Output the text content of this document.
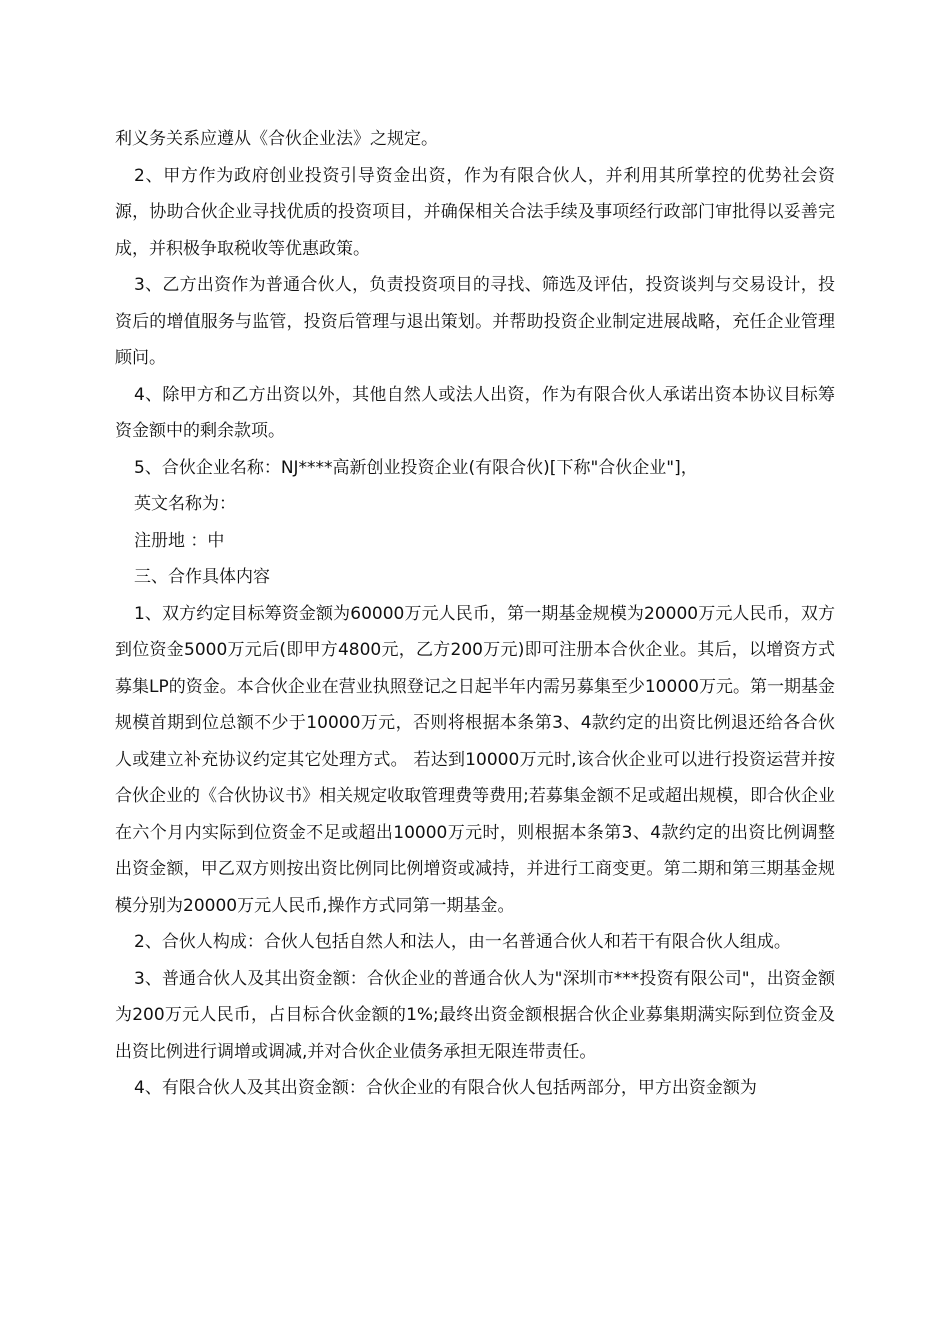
利义务关系应遵从《合伙企业法》之规定。

2、甲方作为政府创业投资引导资金出资，作为有限合伙人，并利用其所掌控的优势社会资源，协助合伙企业寻找优质的投资项目，并确保相关合法手续及事项经行政部门审批得以妥善完成，并积极争取税收等优惠政策。

3、乙方出资作为普通合伙人，负责投资项目的寻找、筛选及评估，投资谈判与交易设计，投资后的增值服务与监管，投资后管理与退出策划。并帮助投资企业制定进展战略，充任企业管理顾问。

4、除甲方和乙方出资以外，其他自然人或法人出资，作为有限合伙人承诺出资本协议目标筹资金额中的剩余款项。

5、合伙企业名称：NJ****高新创业投资企业(有限合伙)[下称"合伙企业"]，

英文名称为：

注册地 ：中

三、合作具体内容

1、双方约定目标筹资金额为60000万元人民币，第一期基金规模为20000万元人民币，双方到位资金5000万元后(即甲方4800元，乙方200万元)即可注册本合伙企业。其后，以增资方式募集LP的资金。本合伙企业在营业执照登记之日起半年内需另募集至少10000万元。第一期基金规模首期到位总额不少于10000万元，否则将根据本条第3、4款约定的出资比例退还给各合伙人或建立补充协议约定其它处理方式。 若达到10000万元时,该合伙企业可以进行投资运营并按合伙企业的《合伙协议书》相关规定收取管理费等费用;若募集金额不足或超出规模，即合伙企业在六个月内实际到位资金不足或超出10000万元时，则根据本条第3、4款约定的出资比例调整出资金额，甲乙双方则按出资比例同比例增资或减持，并进行工商变更。第二期和第三期基金规模分别为20000万元人民币,操作方式同第一期基金。

2、合伙人构成：合伙人包括自然人和法人，由一名普通合伙人和若干有限合伙人组成。

3、普通合伙人及其出资金额：合伙企业的普通合伙人为"深圳市***投资有限公司"，出资金额为200万元人民币，占目标合伙金额的1%;最终出资金额根据合伙企业募集期满实际到位资金及出资比例进行调增或调减,并对合伙企业债务承担无限连带责任。

4、有限合伙人及其出资金额：合伙企业的有限合伙人包括两部分，甲方出资金额为
